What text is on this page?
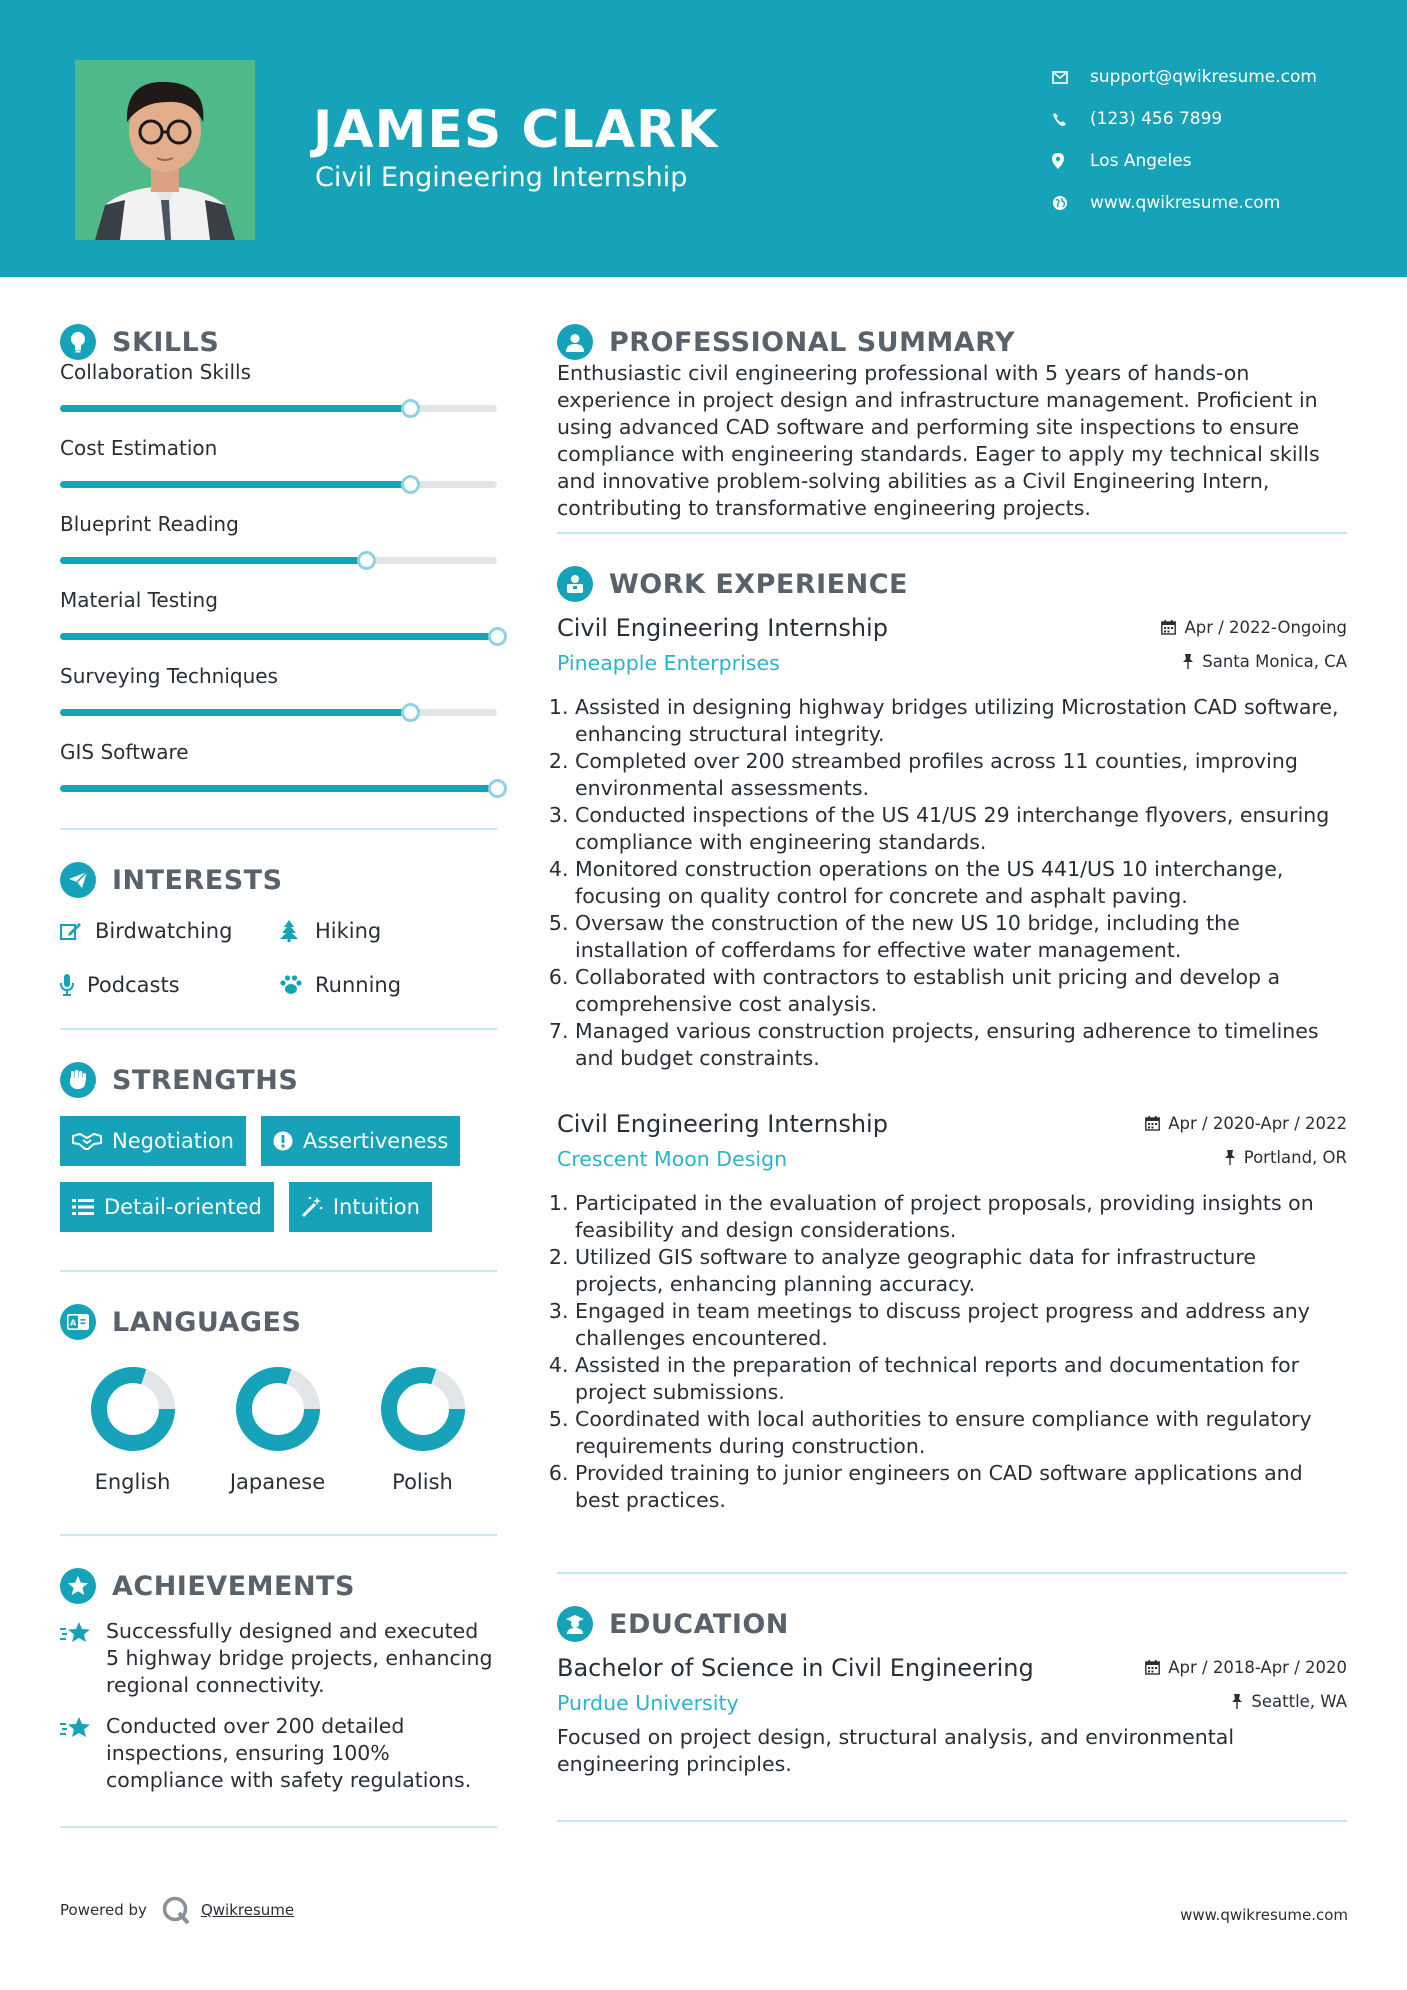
JAMES CLARK
Civil Engineering Internship
support@qwikresume.com
(123) 456 7899
Los Angeles
www.qwikresume.com
SKILLS
Collaboration Skills
Cost Estimation
Blueprint Reading
Material Testing
Surveying Techniques
GIS Software
INTERESTS
Birdwatching	Hiking
Podcasts	Running
STRENGTHS
Negotiation	Assertiveness
Detail-oriented	Intuition
A LANGUAGES
English	Japanese	Polish
ACHIEVEMENTS
Successfully designed and executed 5 highway bridge projects, enhancing regional connectivity.
Conducted over 200 detailed inspections, ensuring 100% compliance with safety regulations.
PROFESSIONAL SUMMARY
Enthusiastic civil engineering professional with 5 years of hands-on experience in project design and infrastructure management. Proficient in using advanced CAD software and performing site inspections to ensure compliance with engineering standards. Eager to apply my technical skills and innovative problem-solving abilities as a Civil Engineering Intern, contributing to transformative engineering projects.
WORK EXPERIENCE
Civil Engineering Internship
Pineapple Enterprises
Apr / 2022-Ongoing
Santa Monica, CA
1. Assisted in designing highway bridges utilizing Microstation CAD software, enhancing structural integrity.
2. Completed over 200 streambed profiles across 11 counties, improving environmental assessments.
3. Conducted inspections of the US 41/US 29 interchange flyovers, ensuring compliance with engineering standards.
4. Monitored construction operations on the US 441/US 10 interchange, focusing on quality control for concrete and asphalt paving.
5. Oversaw the construction of the new US 10 bridge, including the installation of cofferdams for effective water management.
6. Collaborated with contractors to establish unit pricing and develop a comprehensive cost analysis.
7. Managed various construction projects, ensuring adherence to timelines and budget constraints.
Civil Engineering Internship
Crescent Moon Design
Apr / 2020-Apr / 2022
Portland, OR
1. Participated in the evaluation of project proposals, providing insights on feasibility and design considerations.
2. Utilized GIS software to analyze geographic data for infrastructure projects, enhancing planning accuracy.
3. Engaged in team meetings to discuss project progress and address any challenges encountered.
4. Assisted in the preparation of technical reports and documentation for project submissions.
5. Coordinated with local authorities to ensure compliance with regulatory requirements during construction.
6. Provided training to junior engineers on CAD software applications and best practices.
EDUCATION
Bachelor of Science in Civil Engineering
Purdue University
Apr / 2018-Apr / 2020
Seattle, WA
Focused on project design, structural analysis, and environmental engineering principles.
Powered by	Qwikresume	www.qwikresume.com
